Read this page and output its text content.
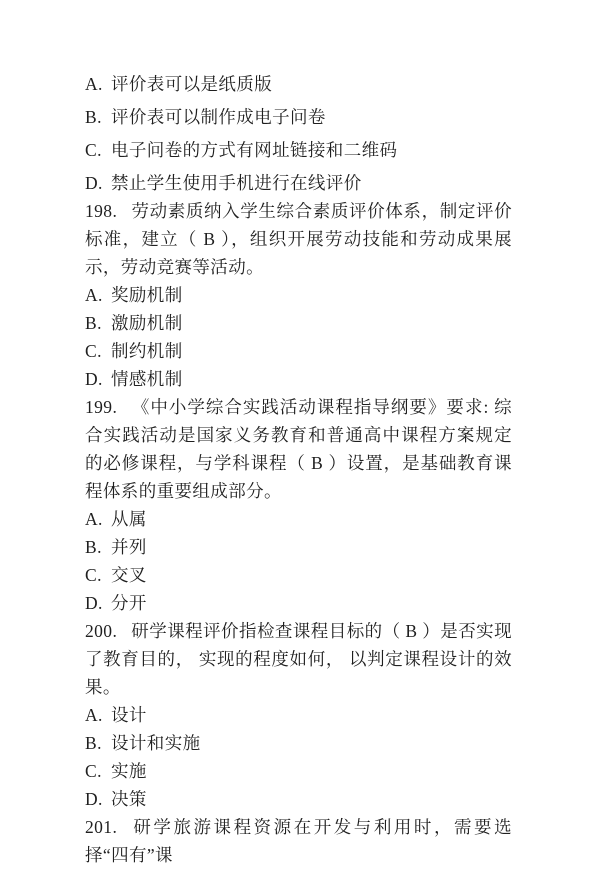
A. 评价表可以是纸质版

B. 评价表可以制作成电子问卷

C. 电子问卷的方式有网址链接和二维码

D. 禁止学生使用手机进行在线评价

198. 劳动素质纳入学生综合素质评价体系，制定评价标准，建立（ B ），组织开展劳动技能和劳动成果展示，劳动竞赛等活动。

A. 奖励机制

B. 激励机制

C. 制约机制

D. 情感机制

199. 《中小学综合实践活动课程指导纲要》要求: 综合实践活动是国家义务教育和普通高中课程方案规定的必修课程，与学科课程（ B ）设置，是基础教育课程体系的重要组成部分。

A. 从属

B. 并列

C. 交叉

D. 分开

200. 研学课程评价指检查课程目标的（ B ）是否实现了教育目的， 实现的程度如何， 以判定课程设计的效果。

A. 设计

B. 设计和实施

C. 实施

D. 决策

201. 研学旅游课程资源在开发与利用时，需要选择“四有”课
